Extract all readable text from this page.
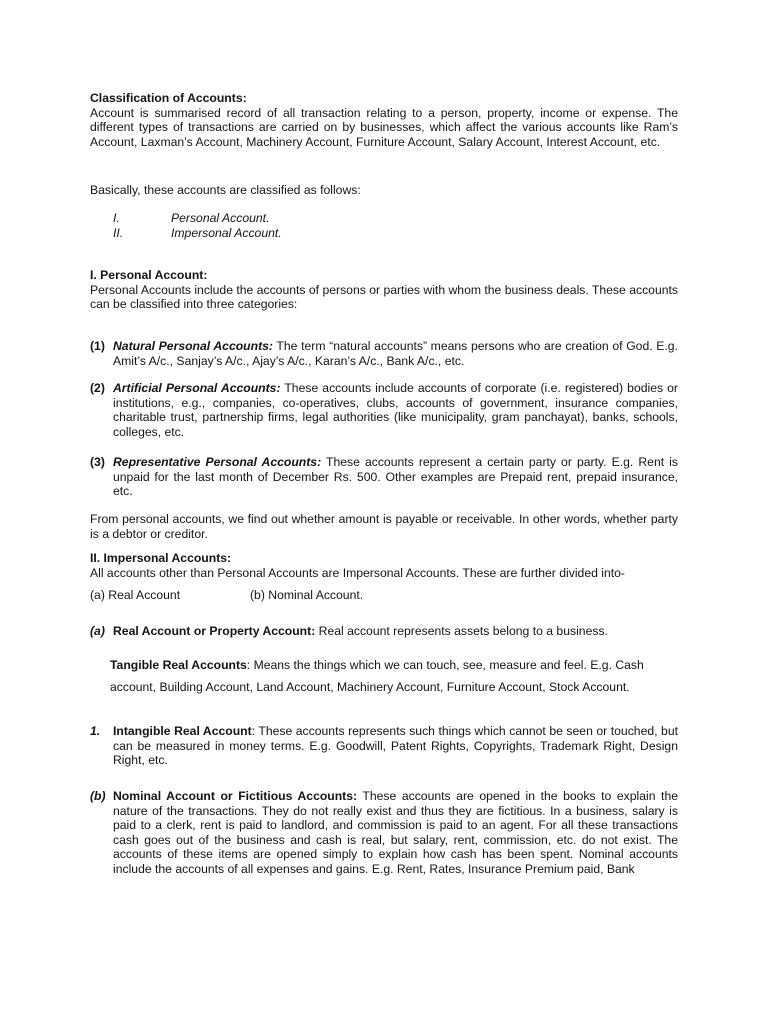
Classification of Accounts:
Account is summarised record of all transaction relating to a person, property, income or expense. The different types of transactions are carried on by businesses, which affect the various accounts like Ram’s Account, Laxman’s Account, Machinery Account, Furniture Account, Salary Account, Interest Account, etc.
Basically, these accounts are classified as follows:
I.	Personal Account.
II.	Impersonal Account.
I. Personal Account:
Personal Accounts include the accounts of persons or parties with whom the business deals. These accounts can be classified into three categories:
(1) Natural Personal Accounts: The term “natural accounts” means persons who are creation of God. E.g. Amit’s A/c., Sanjay’s A/c., Ajay’s A/c., Karan’s A/c., Bank A/c., etc.
(2) Artificial Personal Accounts: These accounts include accounts of corporate (i.e. registered) bodies or institutions, e.g., companies, co-operatives, clubs, accounts of government, insurance companies, charitable trust, partnership firms, legal authorities (like municipality, gram panchayat), banks, schools, colleges, etc.
(3) Representative Personal Accounts: These accounts represent a certain party or party. E.g. Rent is unpaid for the last month of December Rs. 500. Other examples are Prepaid rent, prepaid insurance, etc.
From personal accounts, we find out whether amount is payable or receivable. In other words, whether party is a debtor or creditor.
II. Impersonal Accounts:
All accounts other than Personal Accounts are Impersonal Accounts. These are further divided into-
(a) Real Account	(b) Nominal Account.
(a) Real Account or Property Account: Real account represents assets belong to a business.
Tangible Real Accounts: Means the things which we can touch, see, measure and feel. E.g. Cash
account, Building Account, Land Account, Machinery Account, Furniture Account, Stock Account.
1. Intangible Real Account: These accounts represents such things which cannot be seen or touched, but can be measured in money terms. E.g. Goodwill, Patent Rights, Copyrights, Trademark Right, Design Right, etc.
(b) Nominal Account or Fictitious Accounts: These accounts are opened in the books to explain the nature of the transactions. They do not really exist and thus they are fictitious. In a business, salary is paid to a clerk, rent is paid to landlord, and commission is paid to an agent. For all these transactions cash goes out of the business and cash is real, but salary, rent, commission, etc. do not exist. The accounts of these items are opened simply to explain how cash has been spent. Nominal accounts include the accounts of all expenses and gains. E.g. Rent, Rates, Insurance Premium paid, Bank
